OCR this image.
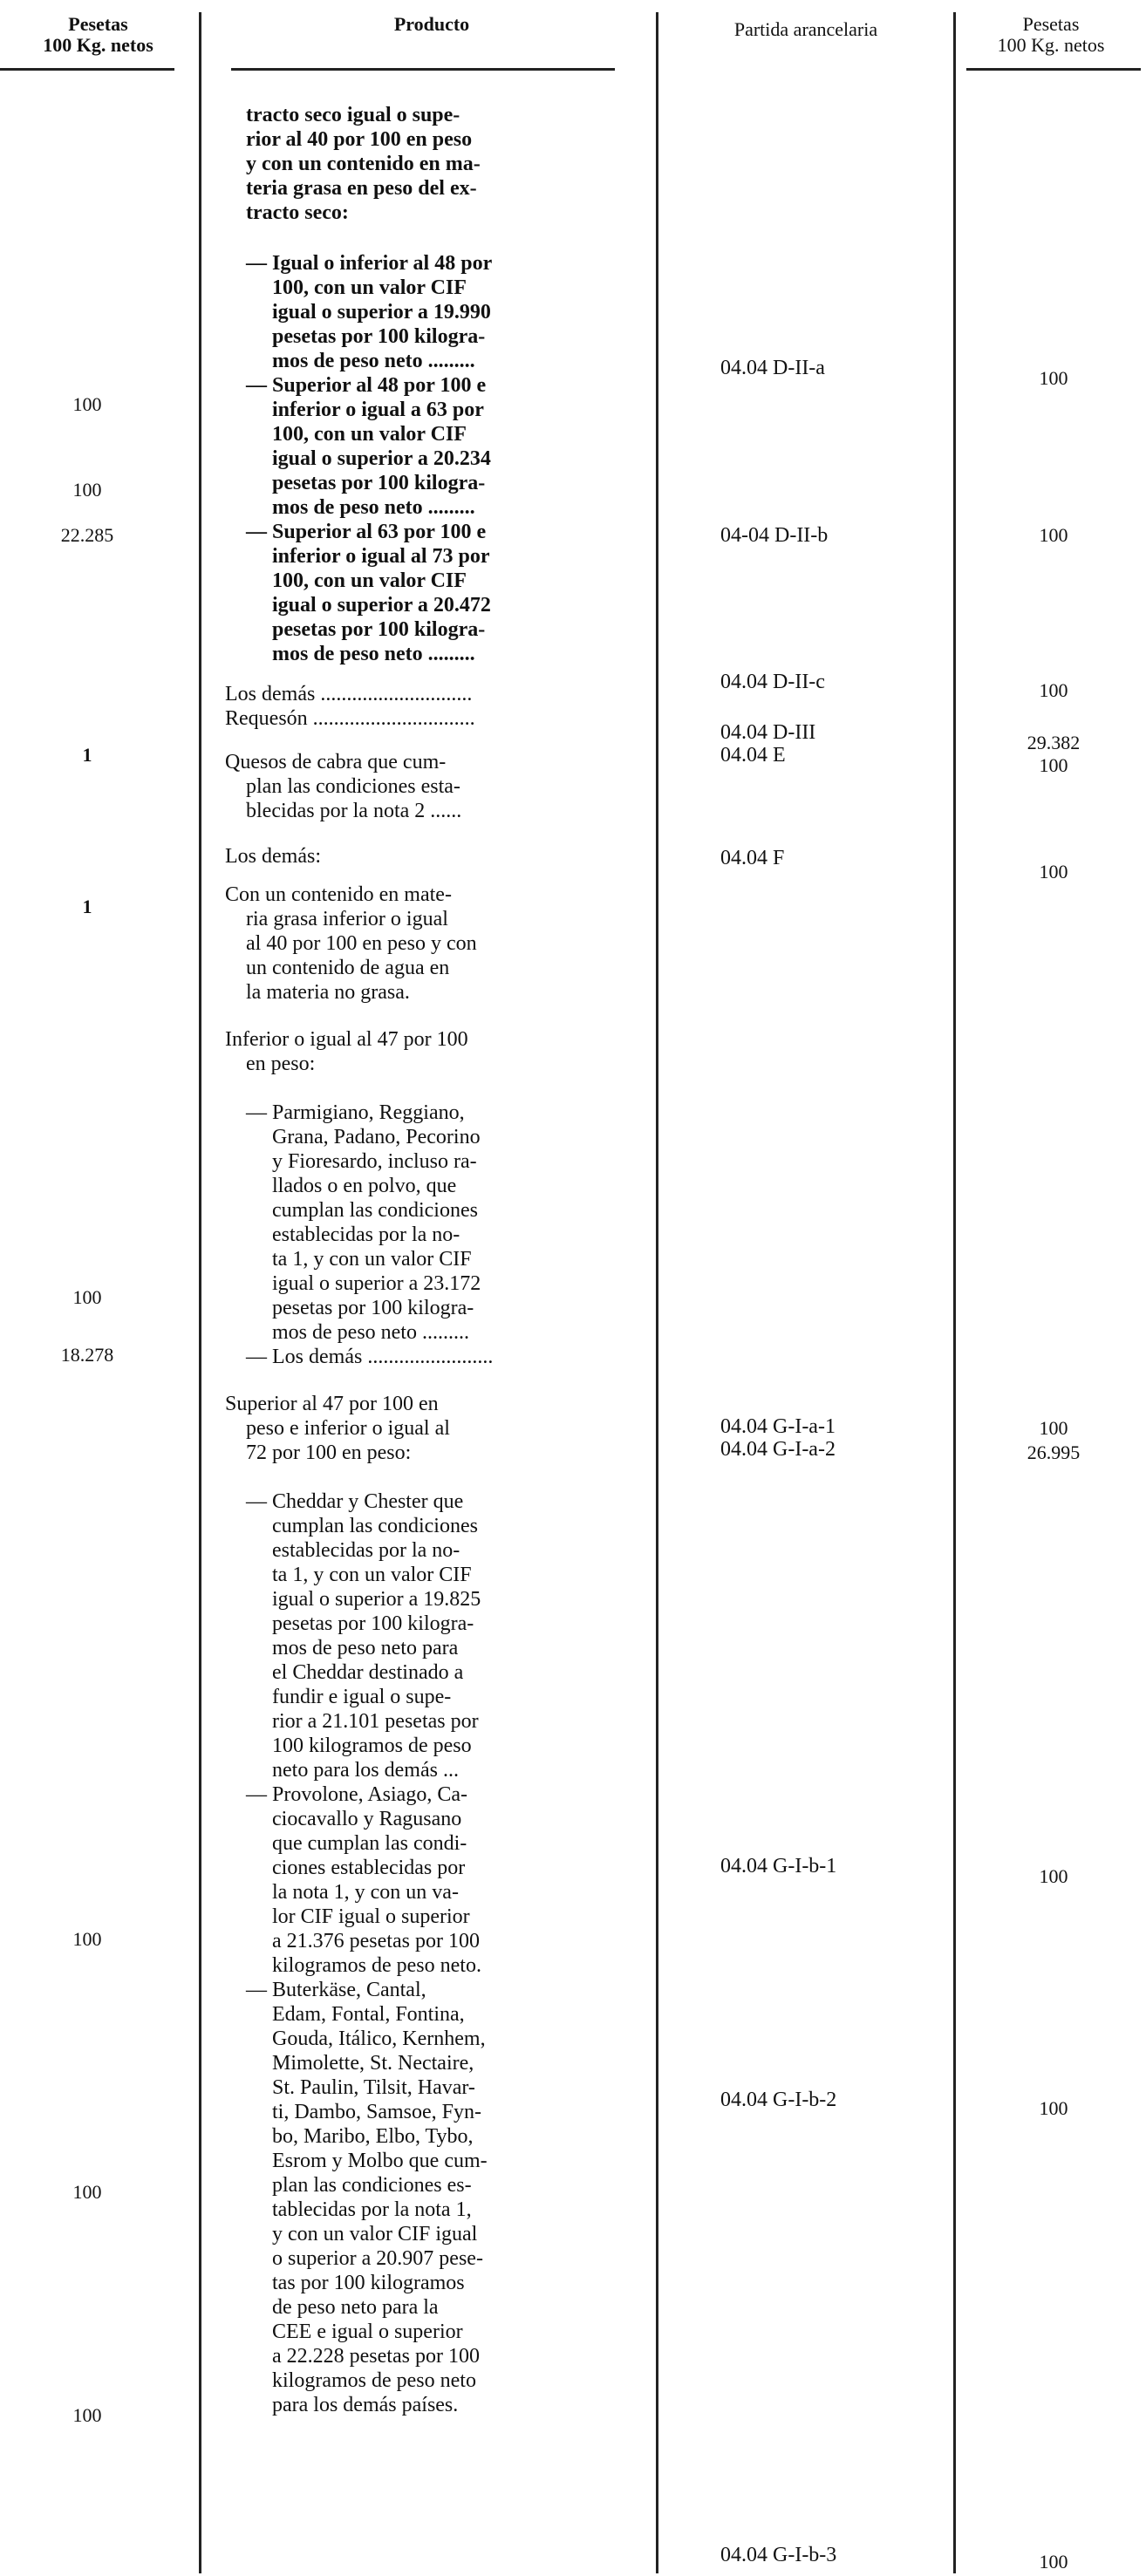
Pesetas
100 Kg. netos
Producto	Partida arancelaria	Pesetas
100 Kg. netos
tracto seco igual o supe-
rior al 40 por 100 en peso
y con un contenido en ma-
teria grasa en peso del ex-
tracto seco:
— Igual o inferior al 48 por
100, con un valor CIF
igual o superior a 19.990
pesetas por 100 kilogra-
mos de peso neto .........
— Superior al 48 por 100 e
inferior o igual a 63 por
100, con un valor CIF
igual o superior a 20.234
pesetas por 100 kilogra-
mos de peso neto .........
— Superior al 63 por 100 e
inferior o igual al 73 por
100, con un valor CIF
igual o superior a 20.472
pesetas por 100 kilogra-
mos de peso neto .........
Los demás .............................
Requesón ...............................
Quesos de cabra que cum-
plan las condiciones esta-
blecidas por la nota 2 ......
Los demás:
Con un contenido en mate-
ria grasa inferior o igual
al 40 por 100 en peso y con
un contenido de agua en
la materia no grasa.
Inferior o igual al 47 por 100
en peso:
— Parmigiano, Reggiano,
Grana, Padano, Pecorino
y Fioresardo, incluso ra-
llados o en polvo, que
cumplan las condiciones
establecidas por la no-
ta 1, y con un valor CIF
igual o superior a 23.172
pesetas por 100 kilogra-
mos de peso neto .........
— Los demás ........................
Superior al 47 por 100 en
peso e inferior o igual al
72 por 100 en peso:
— Cheddar y Chester que
cumplan las condiciones
establecidas por la no-
ta 1, y con un valor CIF
igual o superior a 19.825
pesetas por 100 kilogra-
mos de peso neto para
el Cheddar destinado a
fundir e igual o supe-
rior a 21.101 pesetas por
100 kilogramos de peso
neto para los demás ...
— Provolone, Asiago, Ca-
ciocavallo y Ragusano
que cumplan las condi-
ciones establecidas por
la nota 1, y con un va-
lor CIF igual o superior
a 21.376 pesetas por 100
kilogramos de peso neto.
— Buterkäse, Cantal,
Edam, Fontal, Fontina,
Gouda, Itálico, Kernhem,
Mimolette, St. Nectaire,
St. Paulin, Tilsit, Havar-
ti, Dambo, Samsoe, Fyn-
bo, Maribo, Elbo, Tybo,
Esrom y Molbo que cum-
plan las condiciones es-
tablecidas por la nota 1,
y con un valor CIF igual
o superior a 20.907 pese-
tas por 100 kilogramos
de peso neto para la
CEE e igual o superior
a 22.228 pesetas por 100
kilogramos de peso neto
para los demás países.
100
100
22.285
1
1
100
18.278
100
100
100
04.04 D-II-a
04-04 D-II-b
04.04 D-II-c
04.04 D-III
04.04 E
04.04 F
04.04 G-I-a-1
04.04 G-I-a-2
04.04 G-I-b-1
04.04 G-I-b-2
04.04 G-I-b-3
100
100
100
29.382
100
100
100
26.995
100
100
100
